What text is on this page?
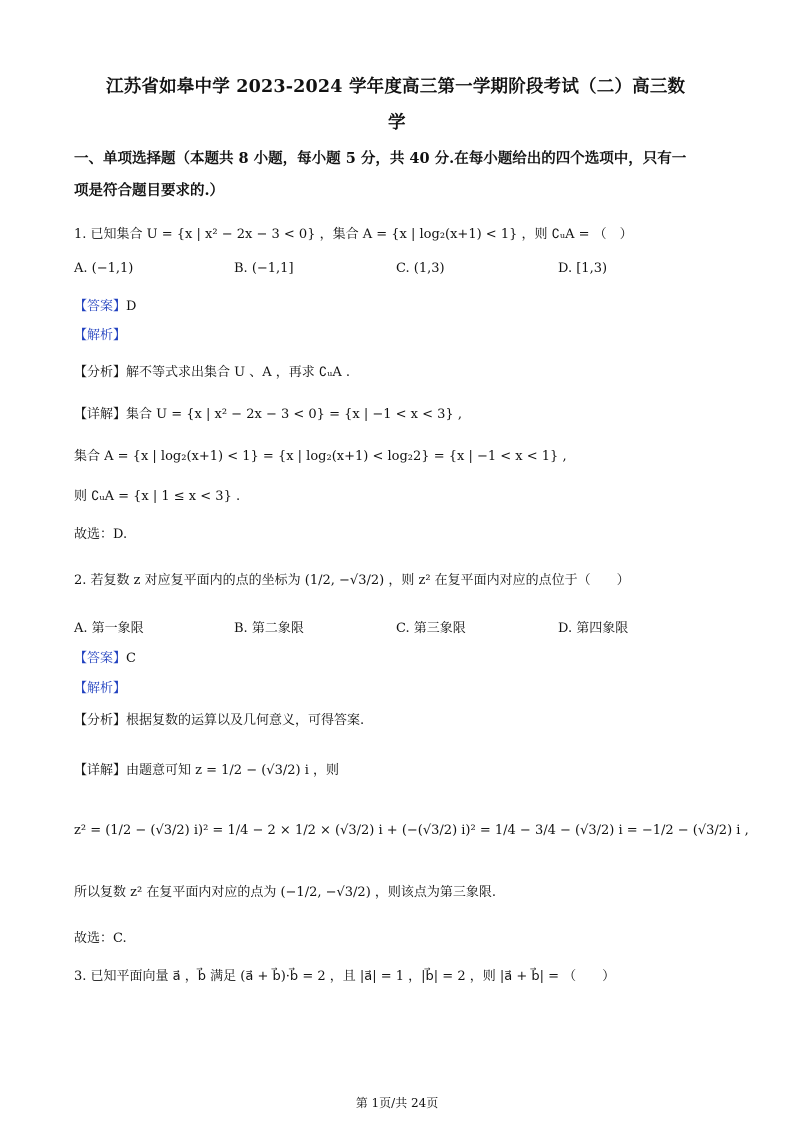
江苏省如皋中学 2023-2024 学年度高三第一学期阶段考试（二）高三数
学
一、单项选择题（本题共 8 小题，每小题 5 分，共 40 分.在每小题给出的四个选项中，只有一
项是符合题目要求的.）
1. 已知集合 U = {x | x² − 2x − 3 < 0} ，集合 A = {x | log₂(x+1) < 1} ，则 ∁ᵤA = （　）
A. (−1,1)	B. (−1,1]	C. (1,3)	D. [1,3)
【答案】D
【解析】
【分析】解不等式求出集合 U 、A ，再求 ∁ᵤA .
【详解】集合 U = {x | x² − 2x − 3 < 0} = {x | −1 < x < 3} ,
集合 A = {x | log₂(x+1) < 1} = {x | log₂(x+1) < log₂2} = {x | −1 < x < 1} ,
则 ∁ᵤA = {x | 1 ≤ x < 3} .
故选：D.
2. 若复数 z 对应复平面内的点的坐标为 (1/2, −√3/2) ，则 z² 在复平面内对应的点位于（　　）
A. 第一象限	B. 第二象限	C. 第三象限	D. 第四象限
【答案】C
【解析】
【分析】根据复数的运算以及几何意义，可得答案.
【详解】由题意可知 z = 1/2 − (√3/2) i ，则
z² = (1/2 − (√3/2) i)² = 1/4 − 2 × 1/2 × (√3/2) i + (−(√3/2) i)² = 1/4 − 3/4 − (√3/2) i = −1/2 − (√3/2) i ,
所以复数 z² 在复平面内对应的点为 (−1/2, −√3/2) ，则该点为第三象限.
故选：C.
3. 已知平面向量 a⃗ ，b⃗ 满足 (a⃗ + b⃗)·b⃗ = 2 ，且 |a⃗| = 1 ，|b⃗| = 2 ，则 |a⃗ + b⃗| = （　　）
第 1页/共 24页
